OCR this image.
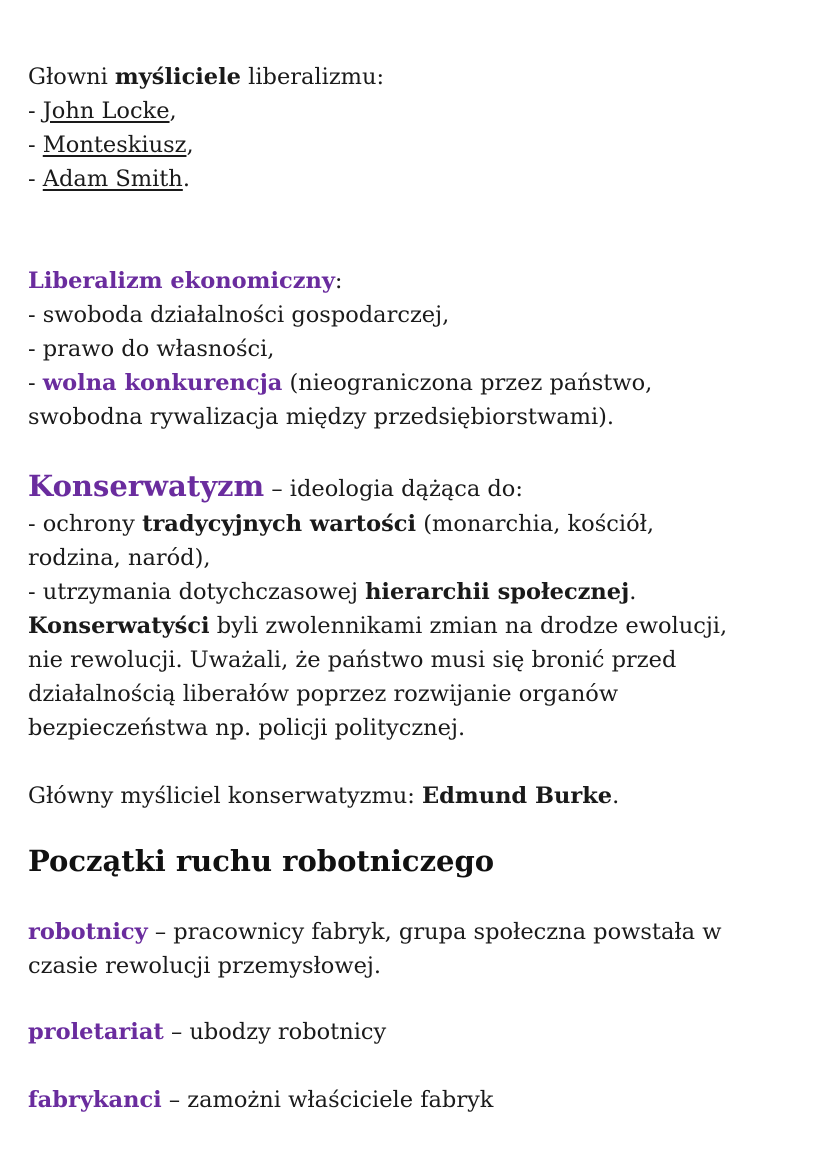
Głowni myśliciele liberalizmu:
- John Locke,
- Monteskiusz,
- Adam Smith.
Liberalizm ekonomiczny:
- swoboda działalności gospodarczej,
- prawo do własności,
- wolna konkurencja (nieograniczona przez państwo,
swobodna rywalizacja między przedsiębiorstwami).
Konserwatyzm – ideologia dążąca do:
- ochrony tradycyjnych wartości (monarchia, kościół,
rodzina, naród),
- utrzymania dotychczasowej hierarchii społecznej.
Konserwatyści byli zwolennikami zmian na drodze ewolucji,
nie rewolucji. Uważali, że państwo musi się bronić przed
działalnością liberałów poprzez rozwijanie organów
bezpieczeństwa np. policji politycznej.
Główny myśliciel konserwatyzmu: Edmund Burke.
Początki ruchu robotniczego
robotnicy – pracownicy fabryk, grupa społeczna powstała w
czasie rewolucji przemysłowej.
proletariat – ubodzy robotnicy
fabrykanci – zamożni właściciele fabryk
